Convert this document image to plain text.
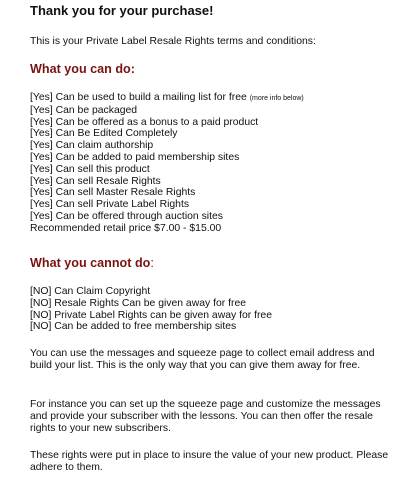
Thank you for your purchase!
This is your Private Label Resale Rights terms and conditions:
What you can do:
[Yes] Can be used to build a mailing list for free (more info below)
[Yes] Can be packaged
[Yes] Can be offered as a bonus to a paid product
[Yes] Can Be Edited Completely
[Yes] Can claim authorship
[Yes] Can be added to paid membership sites
[Yes] Can sell this product
[Yes] Can sell Resale Rights
[Yes] Can sell Master Resale Rights
[Yes] Can sell Private Label Rights
[Yes] Can be offered through auction sites
Recommended retail price $7.00 - $15.00
What you cannot do:
[NO] Can Claim Copyright
[NO] Resale Rights Can be given away for free
[NO] Private Label Rights can be given away for free
[NO] Can be added to free membership sites

You can use the messages and squeeze page to collect email address and build your list. This is the only way that you can give them away for free.

For instance you can set up the squeeze page and customize the messages and provide your subscriber with the lessons. You can then offer the resale rights to your new subscribers.

These rights were put in place to insure the value of your new product. Please adhere to them.
